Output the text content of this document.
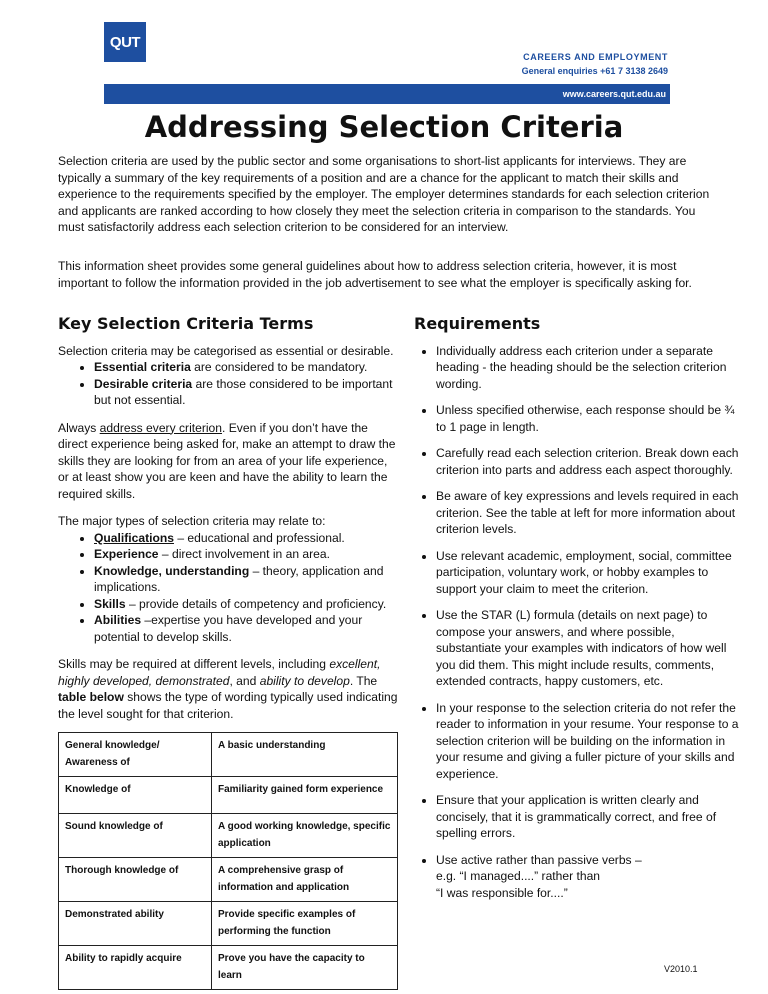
QUT
CAREERS AND EMPLOYMENT
General enquiries +61 7 3138 2649
www.careers.qut.edu.au
Addressing Selection Criteria

Selection criteria are used by the public sector and some organisations to short-list applicants for interviews. They are typically a summary of the key requirements of a position and are a chance for the applicant to match their skills and experience to the requirements specified by the employer. The employer determines standards for each selection criterion and applicants are ranked according to how closely they meet the selection criteria in comparison to the standards. You must satisfactorily address each selection criterion to be considered for an interview.

This information sheet provides some general guidelines about how to address selection criteria, however, it is most important to follow the information provided in the job advertisement to see what the employer is specifically asking for.

Key Selection Criteria Terms

Selection criteria may be categorised as essential or desirable.

• Essential criteria are considered to be mandatory.
• Desirable criteria are those considered to be important but not essential.

Always address every criterion. Even if you don’t have the direct experience being asked for, make an attempt to draw the skills they are looking for from an area of your life experience, or at least show you are keen and have the ability to learn the required skills.

The major types of selection criteria may relate to:

• Qualifications – educational and professional.
• Experience – direct involvement in an area.
• Knowledge, understanding – theory, application and implications.
• Skills – provide details of competency and proficiency.
• Abilities –expertise you have developed and your potential to develop skills.

Skills may be required at different levels, including excellent, highly developed, demonstrated, and ability to develop. The table below shows the type of wording typically used indicating the level sought for that criterion.

General knowledge/ Awareness of	A basic understanding
Knowledge of	Familiarity gained form experience
Sound knowledge of	A good working knowledge, specific application
Thorough knowledge of	A comprehensive grasp of information and application
Demonstrated ability	Provide specific examples of performing the function
Ability to rapidly acquire	Prove you have the capacity to learn
Requirements
• Individually address each criterion under a separate heading - the heading should be the selection criterion wording.
• Unless specified otherwise, each response should be ¾ to 1 page in length.
• Carefully read each selection criterion. Break down each criterion into parts and address each aspect thoroughly.
• Be aware of key expressions and levels required in each criterion. See the table at left for more information about criterion levels.
• Use relevant academic, employment, social, committee participation, voluntary work, or hobby examples to support your claim to meet the criterion.
• Use the STAR (L) formula (details on next page) to compose your answers, and where possible, substantiate your examples with indicators of how well you did them. This might include results, comments, extended contracts, happy customers, etc.
• In your response to the selection criteria do not refer the reader to information in your resume. Your response to a selection criterion will be building on the information in your resume and giving a fuller picture of your skills and experience.
• Ensure that your application is written clearly and concisely, that it is grammatically correct, and free of spelling errors.
• Use active rather than passive verbs –
e.g. “I managed....” rather than
“I was responsible for....”
V2010.1
